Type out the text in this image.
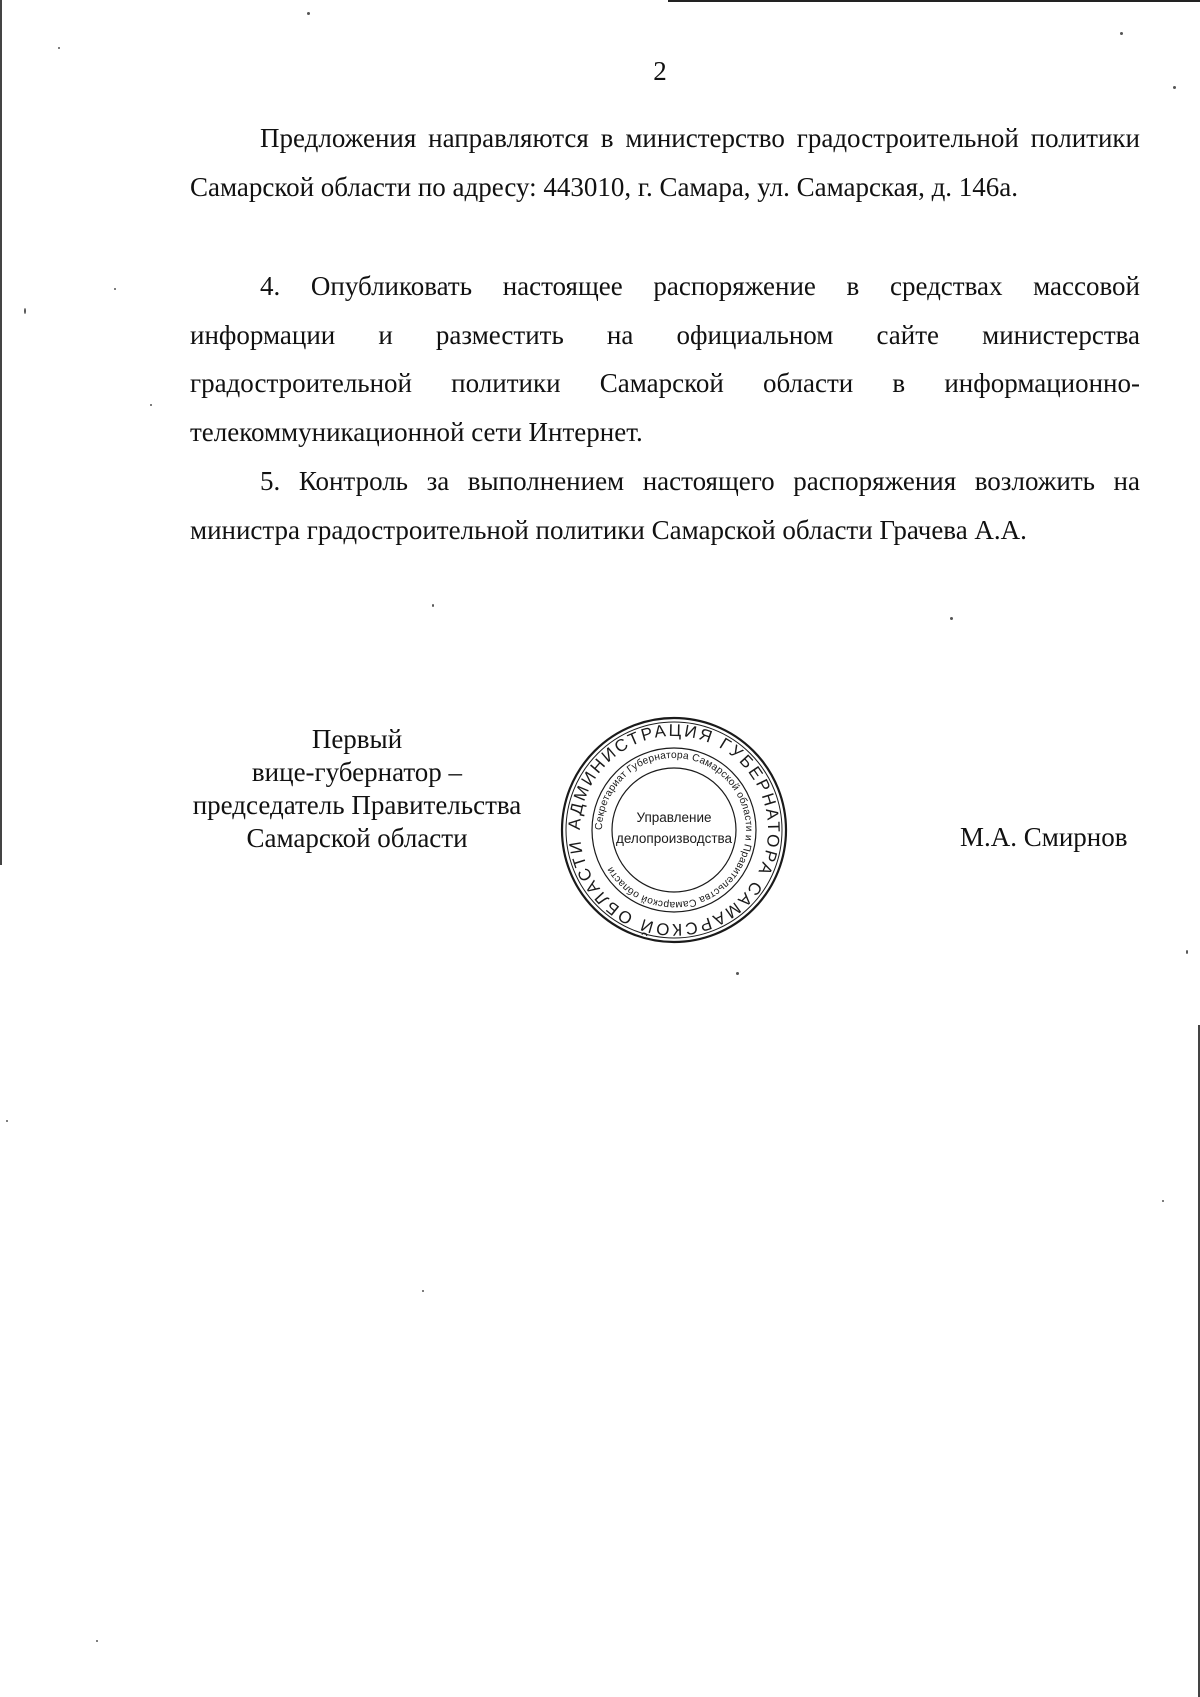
2

Предложения направляются в министерство градостроительной политики Самарской области по адресу: 443010, г. Самара, ул. Самарская, д. 146а.

4. Опубликовать настоящее распоряжение в средствах массовой информации и разместить на официальном сайте министерства градостроительной политики Самарской области в информационно-телекоммуникационной сети Интернет.

5. Контроль за выполнением настоящего распоряжения возложить на министра градостроительной политики Самарской области Грачева А.А.

Первый
вице-губернатор –
председатель Правительства
Самарской области
АДМИНИСТРАЦИЯ ГУБЕРНАТОРА САМАРСКОЙ ОБЛАСТИ
Секретариат Губернатора Самарской области и Правительства Самарской области
Управление
делопроизводства	М.А. Смирнов
